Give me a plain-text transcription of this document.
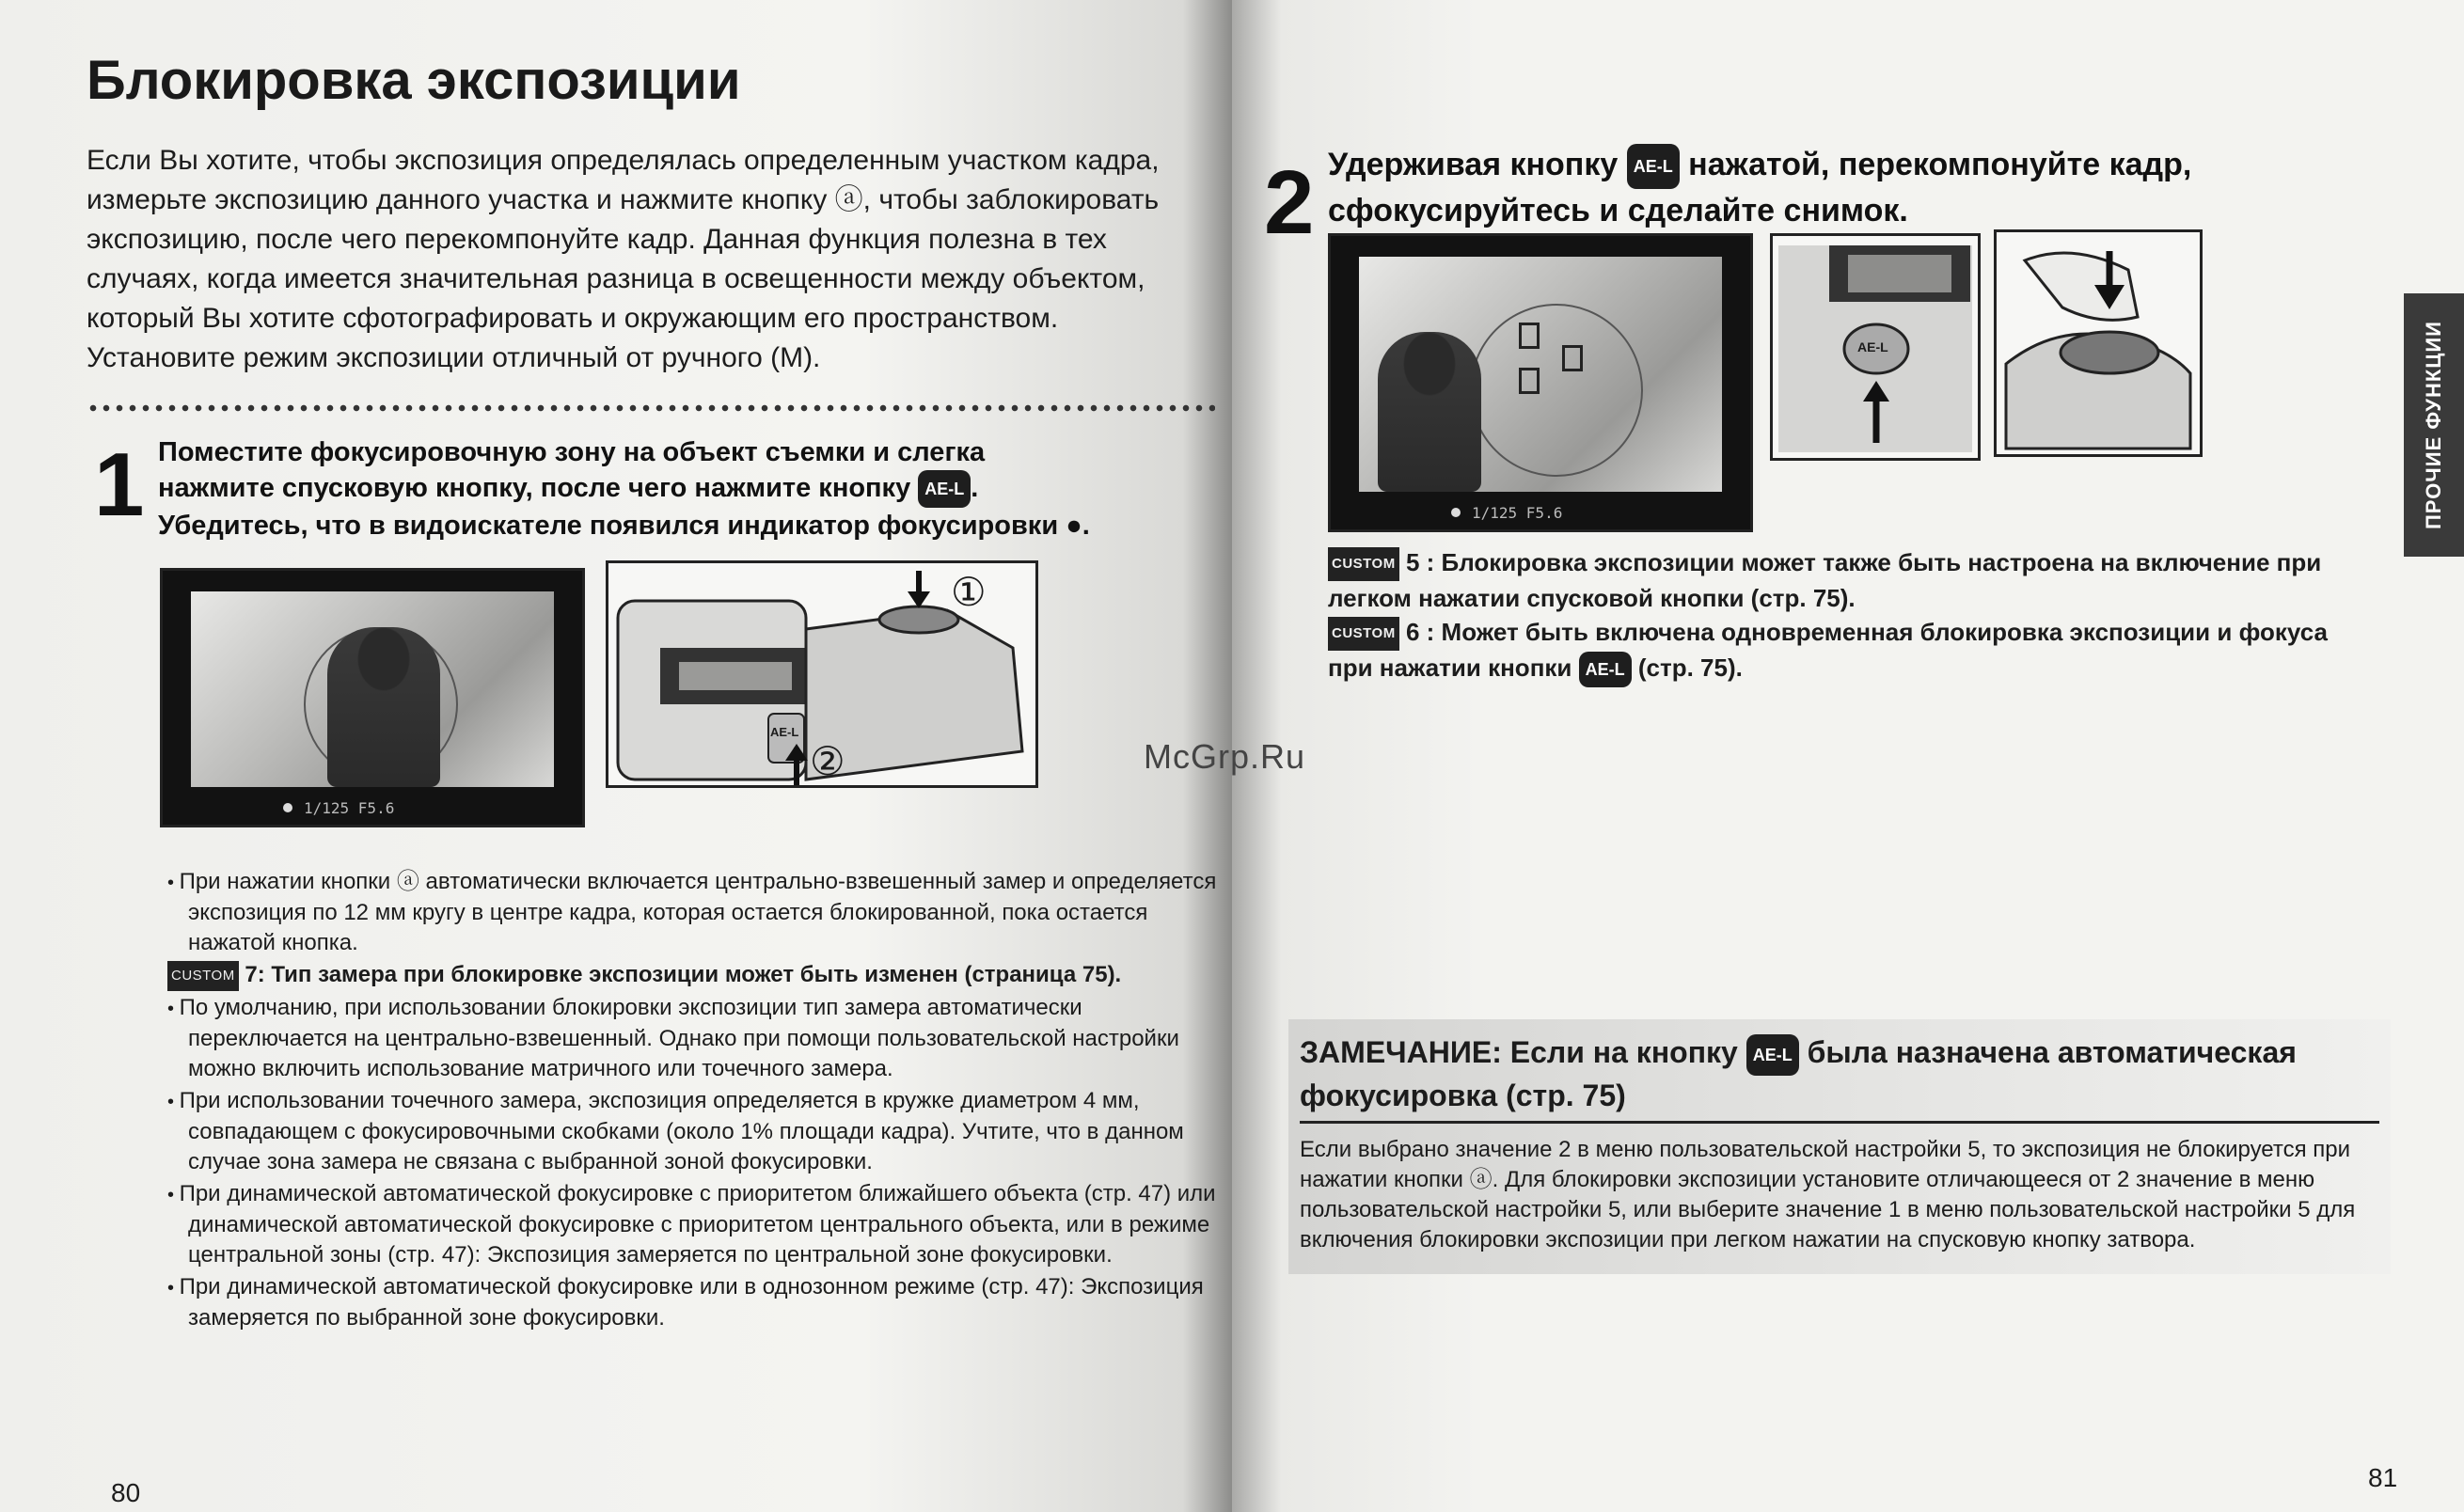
Блокировка экспозиции

Если Вы хотите, чтобы экспозиция определялась определенным участком кадра, измерьте экспозицию данного участка и нажмите кнопку ⓐ, чтобы заблокировать экспозицию, после чего перекомпонуйте кадр. Данная функция полезна в тех случаях, когда имеется значительная разница в освещенности между объектом, который Вы хотите сфотографировать и окружающим его пространством. Установите режим экспозиции отличный от ручного (M).

1 Поместите фокусировочную зону на объект съемки и слегка
нажмите спусковую кнопку, после чего нажмите кнопку AE-L .
Убедитесь, что в видоискателе появился индикатор фокусировки ●.
1/125 F5.6
①
②
AE-L

• При нажатии кнопки ⓐ автоматически включается центрально-взвешенный замер и определяется экспозиция по 12 мм кругу в центре кадра, которая остается блокированной, пока остается нажатой кнопка.

CUSTOM 7: Тип замера при блокировке экспозиции может быть изменен (страница 75).

• По умолчанию, при использовании блокировки экспозиции тип замера автоматически переключается на центрально-взвешенный. Однако при помощи пользовательской настройки можно включить использование матричного или точечного замера.

• При использовании точечного замера, экспозиция определяется в кружке диаметром 4 мм, совпадающем с фокусировочными скобками (около 1% площади кадра). Учтите, что в данном случае зона замера не связана с выбранной зоной фокусировки.

• При динамической автоматической фокусировке с приоритетом ближайшего объекта (стр. 47) или динамической автоматической фокусировке с приоритетом центрального объекта, или в режиме центральной зоны (стр. 47): Экспозиция замеряется по центральной зоне фокусировки.

• При динамической автоматической фокусировке или в однозонном режиме (стр. 47): Экспозиция замеряется по выбранной зоне фокусировки.

80
2 Удерживая кнопку AE-L нажатой, перекомпонуйте кадр,
сфокусируйтесь и сделайте снимок.
1/125 F5.6
AE-L

CUSTOM 5 : Блокировка экспозиции может также быть настроена на включение при легком нажатии спусковой кнопки (стр. 75).

CUSTOM 6 : Может быть включена одновременная блокировка экспозиции и фокуса при нажатии кнопки AE-L (стр. 75).

ЗАМЕЧАНИЕ: Если на кнопку AE-L была назначена автоматическая фокусировка (стр. 75)

Если выбрано значение 2 в меню пользовательской настройки 5, то экспозиция не блокируется при нажатии кнопки ⓐ. Для блокировки экспозиции установите отличающееся от 2 значение в меню пользовательской настройки 5, или выберите значение 1 в меню пользовательской настройки 5 для включения блокировки экспозиции при легком нажатии на спусковую кнопку затвора.

ПРОЧИЕ ФУНКЦИИ
81
McGrp.Ru
